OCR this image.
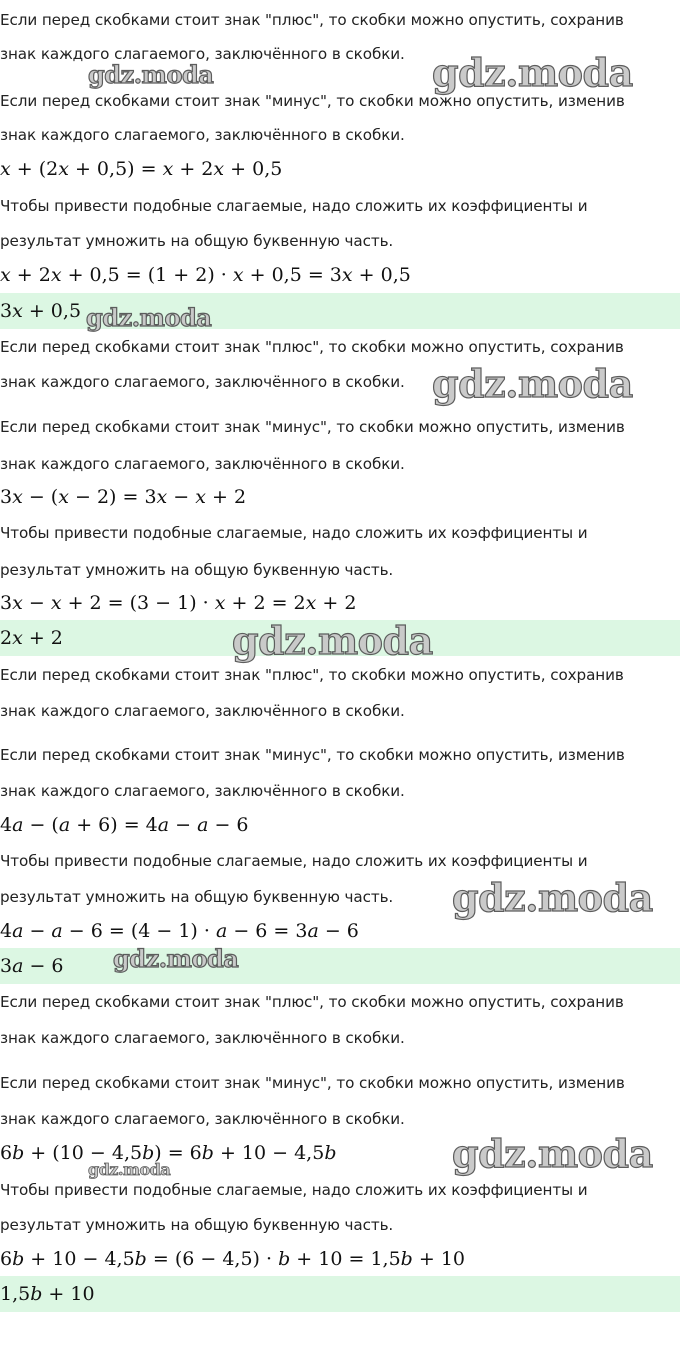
Если перед скобками стоит знак "плюс", то скобки можно опустить, сохранив
знак каждого слагаемого, заключённого в скобки.
Если перед скобками стоит знак "минус", то скобки можно опустить, изменив
знак каждого слагаемого, заключённого в скобки.
x + (2x + 0,5) = x + 2x + 0,5
Чтобы привести подобные слагаемые, надо сложить их коэффициенты и
результат умножить на общую буквенную часть.
x + 2x + 0,5 = (1 + 2) · x + 0,5 = 3x + 0,5
3x + 0,5
Если перед скобками стоит знак "плюс", то скобки можно опустить, сохранив
знак каждого слагаемого, заключённого в скобки.
Если перед скобками стоит знак "минус", то скобки можно опустить, изменив
знак каждого слагаемого, заключённого в скобки.
3x − (x − 2) = 3x − x + 2
Чтобы привести подобные слагаемые, надо сложить их коэффициенты и
результат умножить на общую буквенную часть.
3x − x + 2 = (3 − 1) · x + 2 = 2x + 2
2x + 2
Если перед скобками стоит знак "плюс", то скобки можно опустить, сохранив
знак каждого слагаемого, заключённого в скобки.
Если перед скобками стоит знак "минус", то скобки можно опустить, изменив
знак каждого слагаемого, заключённого в скобки.
4a − (a + 6) = 4a − a − 6
Чтобы привести подобные слагаемые, надо сложить их коэффициенты и
результат умножить на общую буквенную часть.
4a − a − 6 = (4 − 1) · a − 6 = 3a − 6
3a − 6
Если перед скобками стоит знак "плюс", то скобки можно опустить, сохранив
знак каждого слагаемого, заключённого в скобки.
Если перед скобками стоит знак "минус", то скобки можно опустить, изменив
знак каждого слагаемого, заключённого в скобки.
6b + (10 − 4,5b) = 6b + 10 − 4,5b
Чтобы привести подобные слагаемые, надо сложить их коэффициенты и
результат умножить на общую буквенную часть.
6b + 10 − 4,5b = (6 − 4,5) · b + 10 = 1,5b + 10
1,5b + 10
gdz.moda	gdz.moda
gdz.moda
gdz.moda
gdz.moda
gdz.moda
gdz.moda
gdz.moda
gdz.moda
